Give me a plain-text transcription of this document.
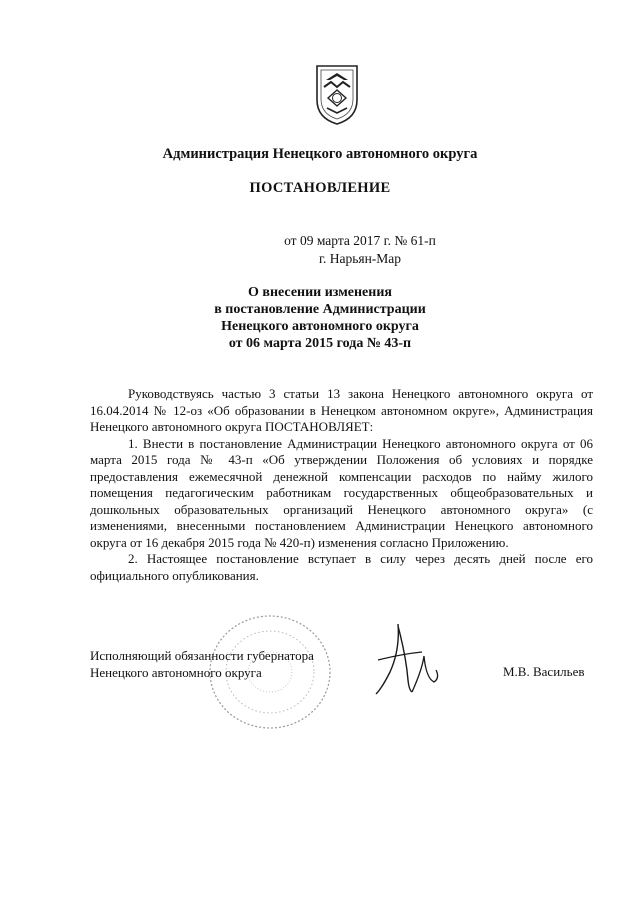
Администрация Ненецкого автономного округа
ПОСТАНОВЛЕНИЕ
от 09 марта 2017 г. № 61-п
г. Нарьян-Мар
О внесении изменения
в постановление Администрации
Ненецкого автономного округа
от 06 марта 2015 года № 43-п

Руководствуясь частью 3 статьи 13 закона Ненецкого автономного округа от 16.04.2014 № 12-оз «Об образовании в Ненецком автономном округе», Администрация Ненецкого автономного округа ПОСТАНОВЛЯЕТ:

1. Внести в постановление Администрации Ненецкого автономного округа от 06 марта 2015 года № 43-п «Об утверждении Положения об условиях и порядке предоставления ежемесячной денежной компенсации расходов по найму жилого помещения педагогическим работникам государственных общеобразовательных и дошкольных образовательных организаций Ненецкого автономного округа» (с изменениями, внесенными постановлением Администрации Ненецкого автономного округа от 16 декабря 2015 года № 420-п) изменения согласно Приложению.

2. Настоящее постановление вступает в силу через десять дней после его официального опубликования.

Исполняющий обязанности губернатора
Ненецкого автономного округа	М.В. Васильев
